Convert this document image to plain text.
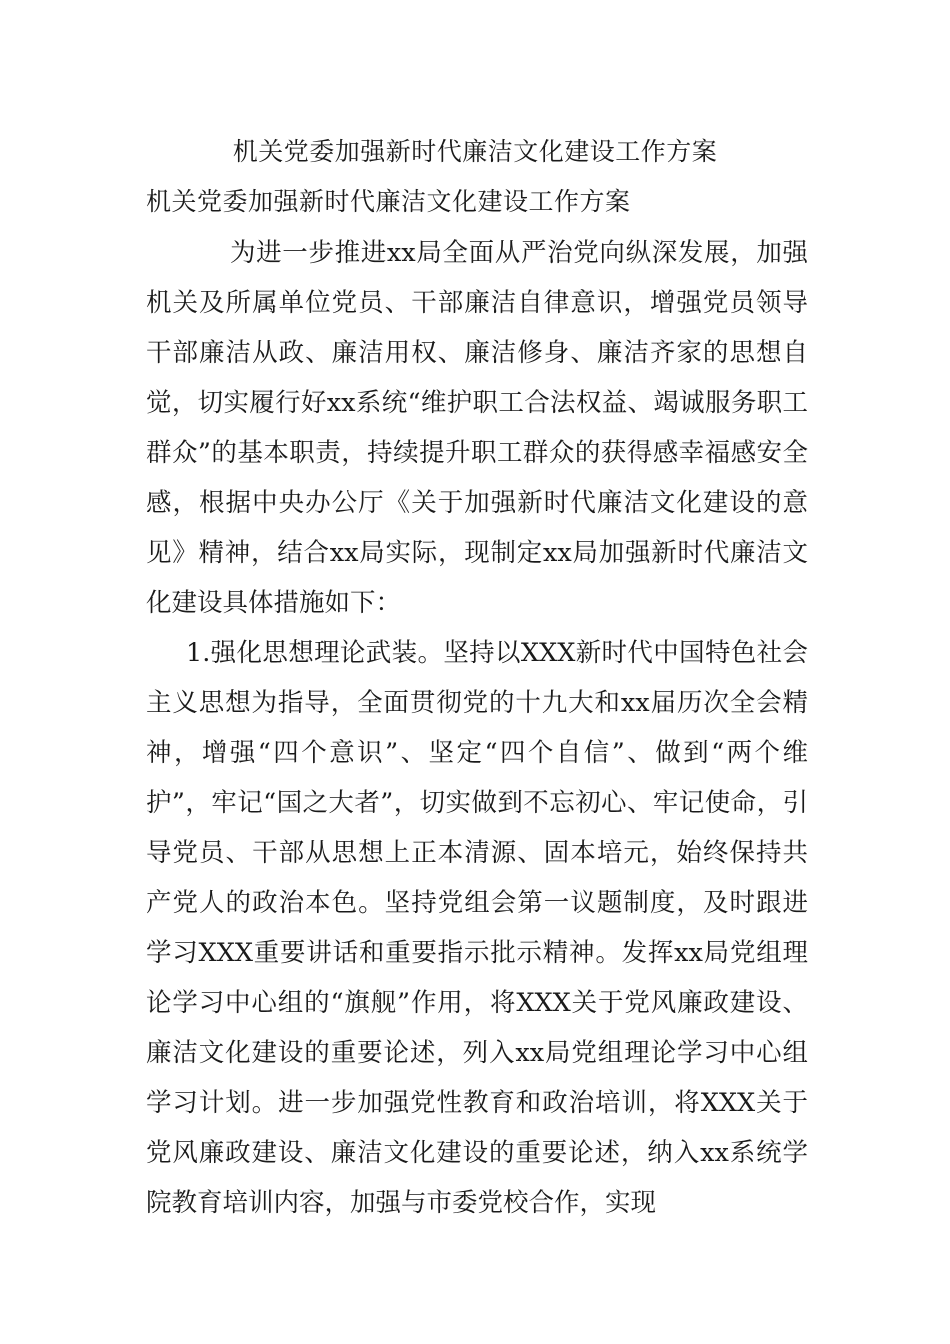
机关党委加强新时代廉洁文化建设工作方案
机关党委加强新时代廉洁文化建设工作方案

为进一步推进xx局全面从严治党向纵深发展，加强机关及所属单位党员、干部廉洁自律意识，增强党员领导干部廉洁从政、廉洁用权、廉洁修身、廉洁齐家的思想自觉，切实履行好xx系统“维护职工合法权益、竭诚服务职工群众”的基本职责，持续提升职工群众的获得感幸福感安全感，根据中央办公厅《关于加强新时代廉洁文化建设的意见》精神，结合xx局实际，现制定xx局加强新时代廉洁文化建设具体措施如下：

1.强化思想理论武装。坚持以XXX新时代中国特色社会主义思想为指导，全面贯彻党的十九大和xx届历次全会精神，增强“四个意识”、坚定“四个自信”、做到“两个维护”，牢记“国之大者”，切实做到不忘初心、牢记使命，引导党员、干部从思想上正本清源、固本培元，始终保持共产党人的政治本色。坚持党组会第一议题制度，及时跟进学习XXX重要讲话和重要指示批示精神。发挥xx局党组理论学习中心组的“旗舰”作用，将XXX关于党风廉政建设、廉洁文化建设的重要论述，列入xx局党组理论学习中心组学习计划。进一步加强党性教育和政治培训，将XXX关于党风廉政建设、廉洁文化建设的重要论述，纳入xx系统学院教育培训内容，加强与市委党校合作，实现
